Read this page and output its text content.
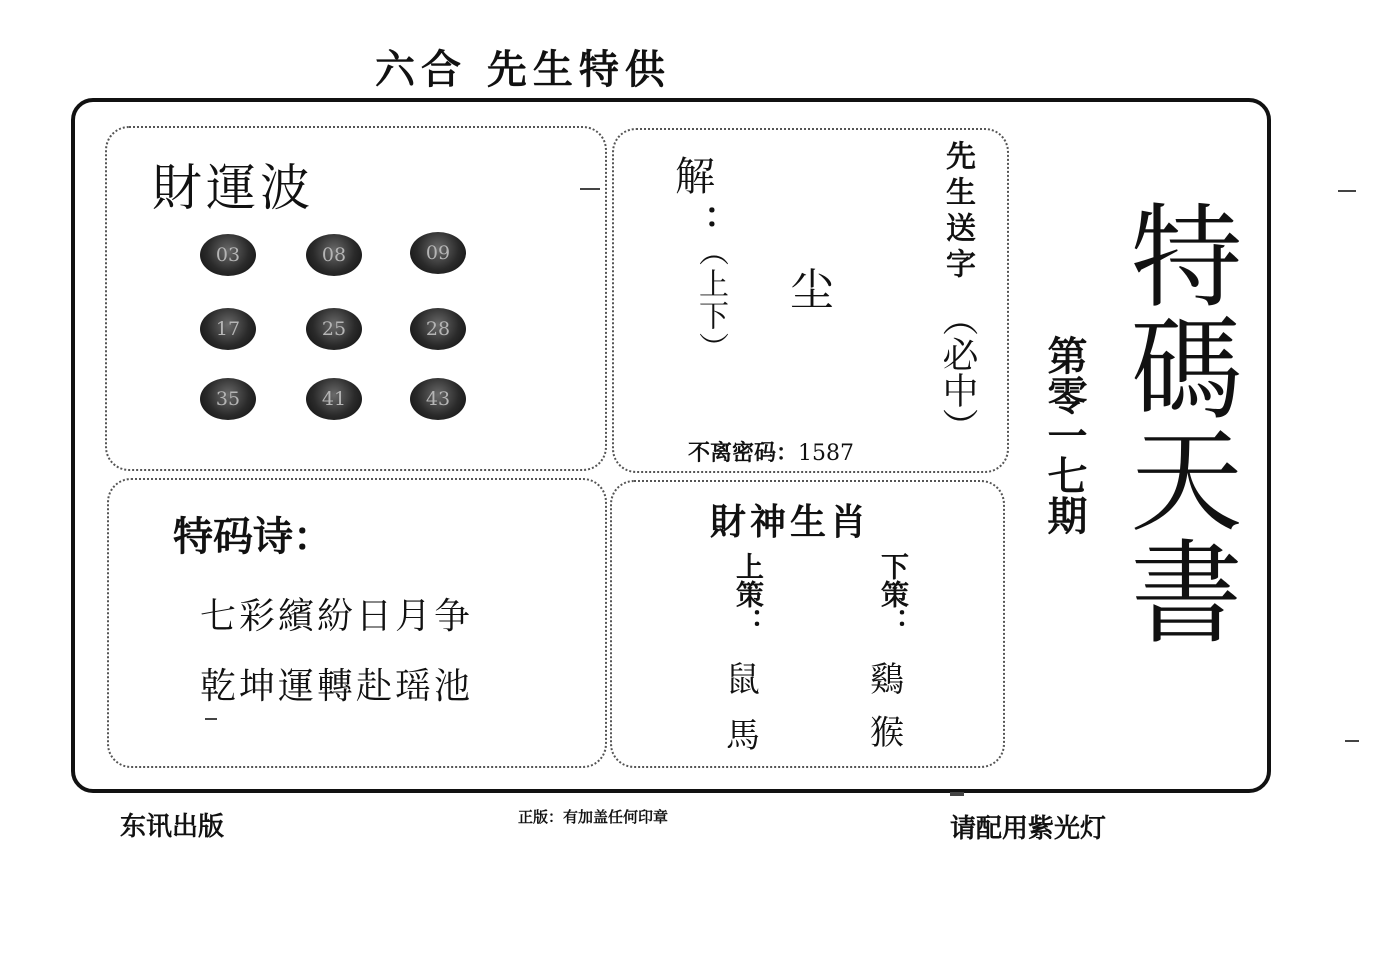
六合 先生特供
財運波
03	08	09
17	25	28
35	41	43
解
：
（上下） 尘
先生送字
（必中）
不离密码：1587
特码诗：
七彩繽紛日月争
乾坤運轉赴瑶池
財神生肖
上策：
鼠
馬
下策：
鷄
猴
第零一七期 特碼天書
东讯出版	正版：有加盖任何印章	请配用紫光灯
